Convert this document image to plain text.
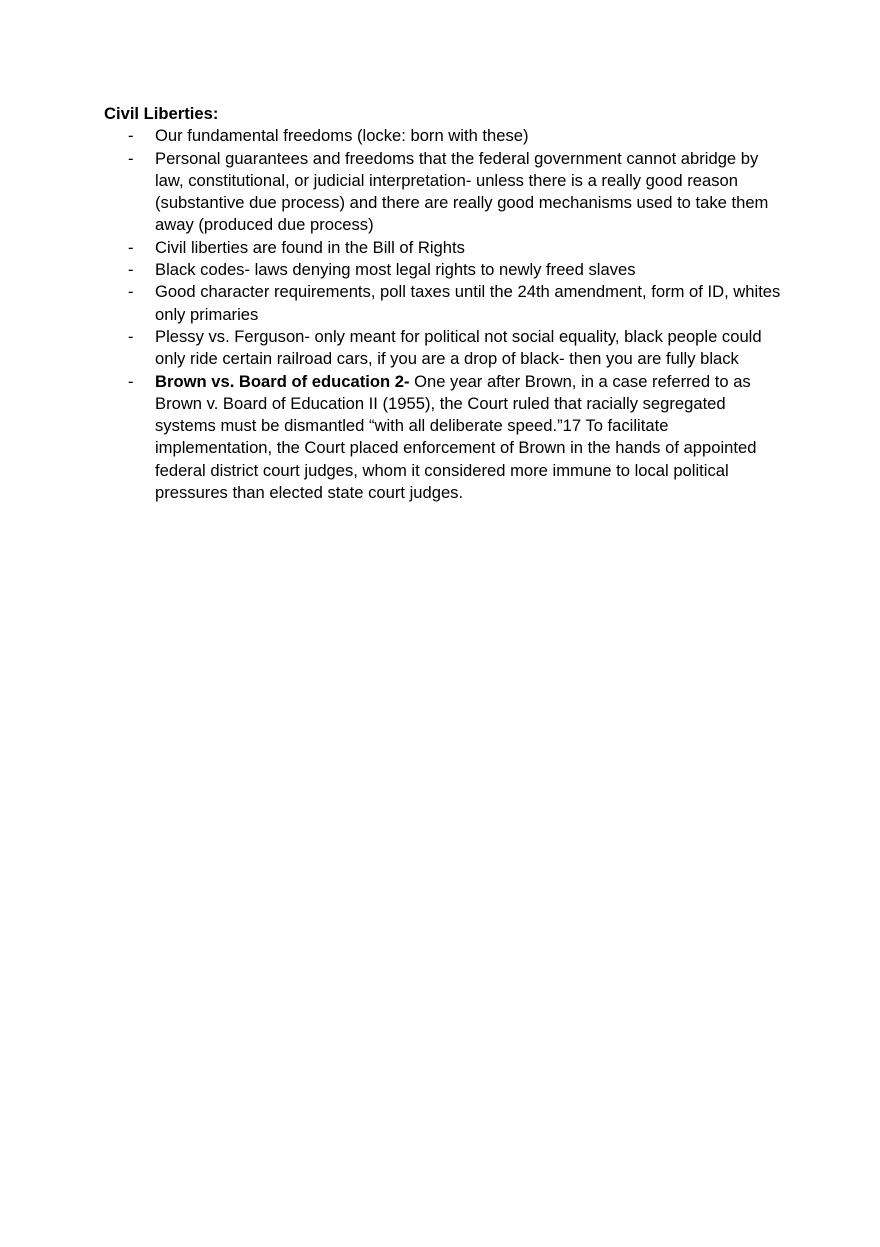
Civil Liberties:

- Our fundamental freedoms (locke: born with these)
- Personal guarantees and freedoms that the federal government cannot abridge by law, constitutional, or judicial interpretation- unless there is a really good reason (substantive due process) and there are really good mechanisms used to take them away (produced due process)
- Civil liberties are found in the Bill of Rights
- Black codes- laws denying most legal rights to newly freed slaves
- Good character requirements, poll taxes until the 24th amendment, form of ID, whites only primaries
- Plessy vs. Ferguson- only meant for political not social equality, black people could only ride certain railroad cars, if you are a drop of black- then you are fully black
- Brown vs. Board of education 2- One year after Brown, in a case referred to as Brown v. Board of Education II (1955), the Court ruled that racially segregated systems must be dismantled “with all deliberate speed.”17 To facilitate implementation, the Court placed enforcement of Brown in the hands of appointed federal district court judges, whom it considered more immune to local political pressures than elected state court judges.
